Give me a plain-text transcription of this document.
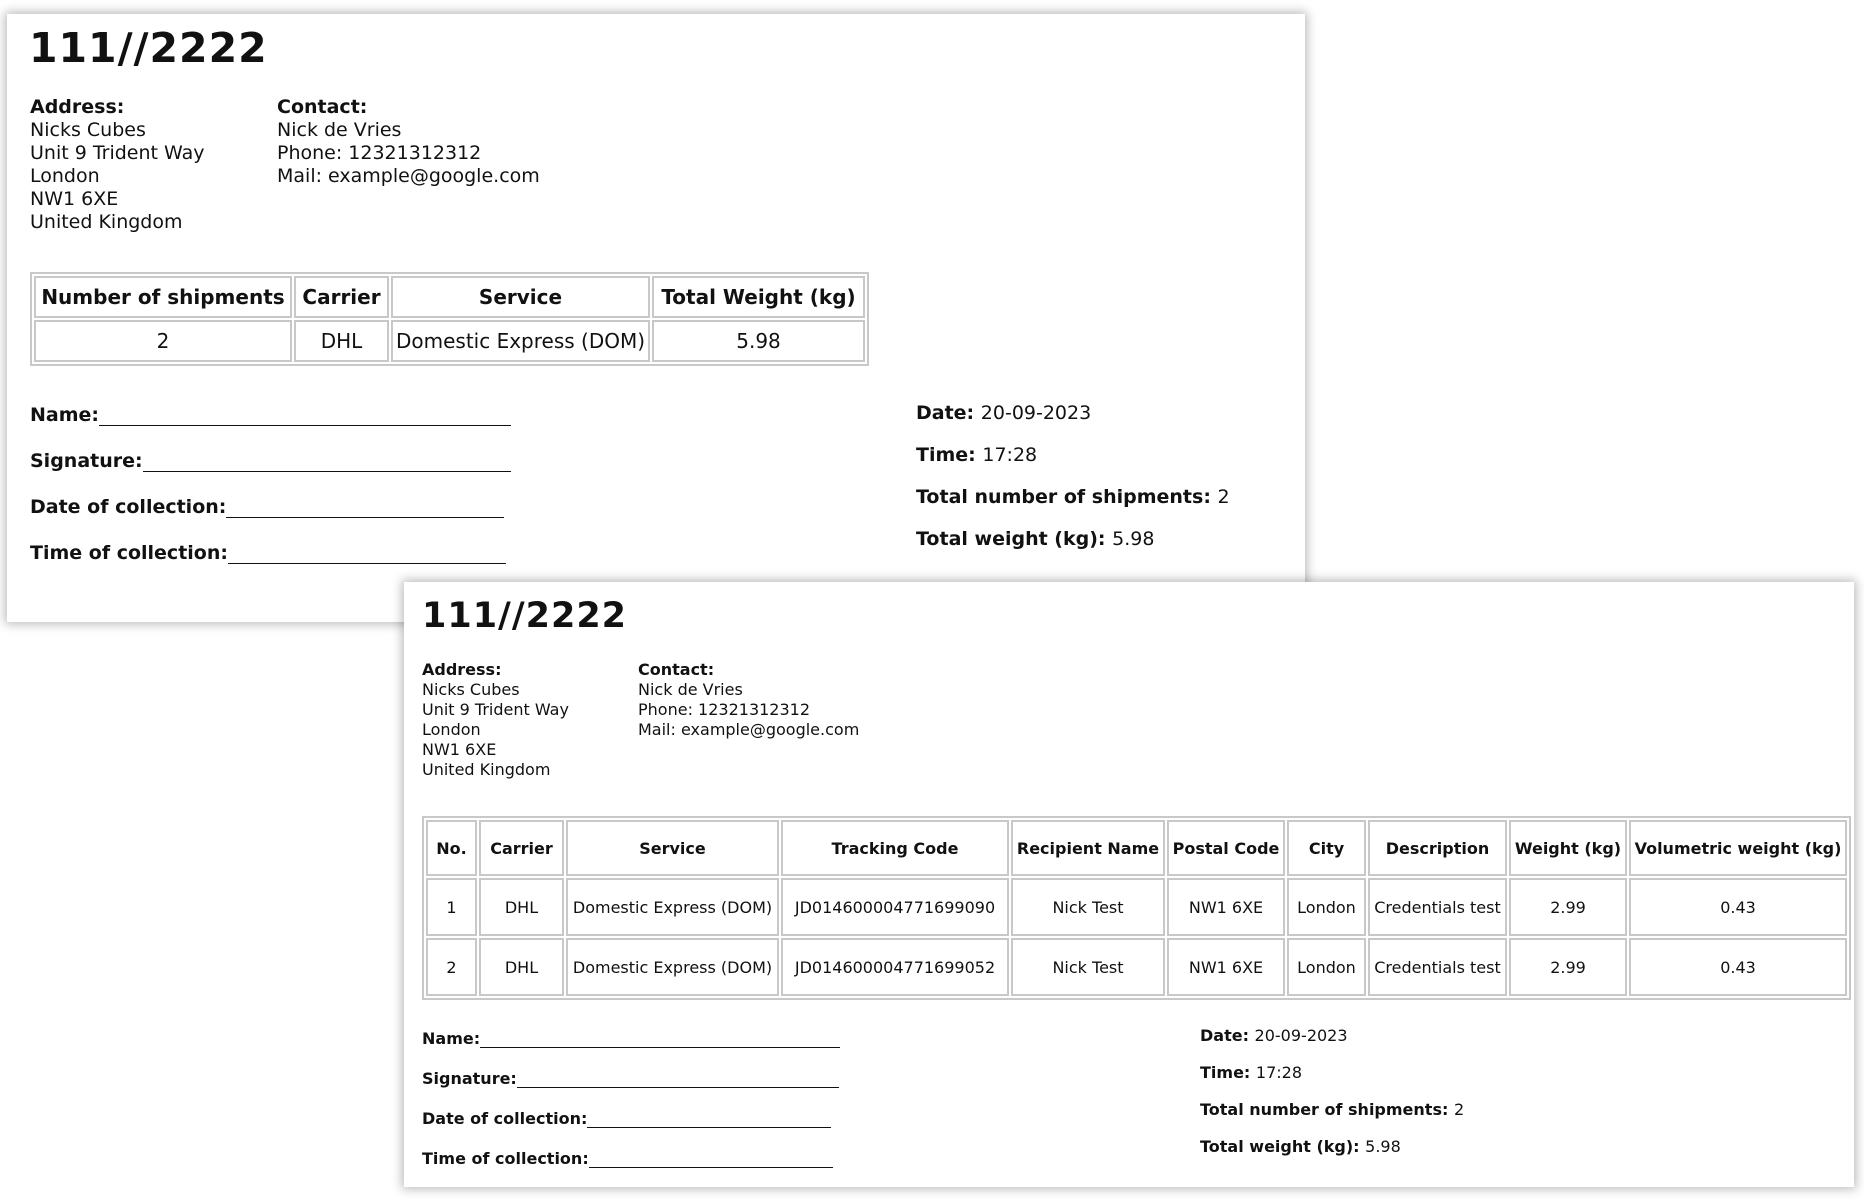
111//2222
Address:
Nicks Cubes
Unit 9 Trident Way
London
NW1 6XE
United Kingdom
Contact:
Nick de Vries
Phone: 12321312312
Mail: example@google.com
Number of shipments	Carrier	Service	Total Weight (kg)
2	DHL	Domestic Express (DOM)	5.98
Name:
Signature:
Date of collection:
Time of collection:
Date: 20-09-2023
Time: 17:28
Total number of shipments: 2
Total weight (kg): 5.98
111//2222
Address:
Nicks Cubes
Unit 9 Trident Way
London
NW1 6XE
United Kingdom
Contact:
Nick de Vries
Phone: 12321312312
Mail: example@google.com
No.	Carrier	Service	Tracking Code	Recipient Name	Postal Code	City	Description	Weight (kg)	Volumetric weight (kg)
1	DHL	Domestic Express (DOM)	JD014600004771699090	Nick Test	NW1 6XE	London	Credentials test	2.99	0.43
2	DHL	Domestic Express (DOM)	JD014600004771699052	Nick Test	NW1 6XE	London	Credentials test	2.99	0.43
Name:
Signature:
Date of collection:
Time of collection:
Date: 20-09-2023
Time: 17:28
Total number of shipments: 2
Total weight (kg): 5.98
